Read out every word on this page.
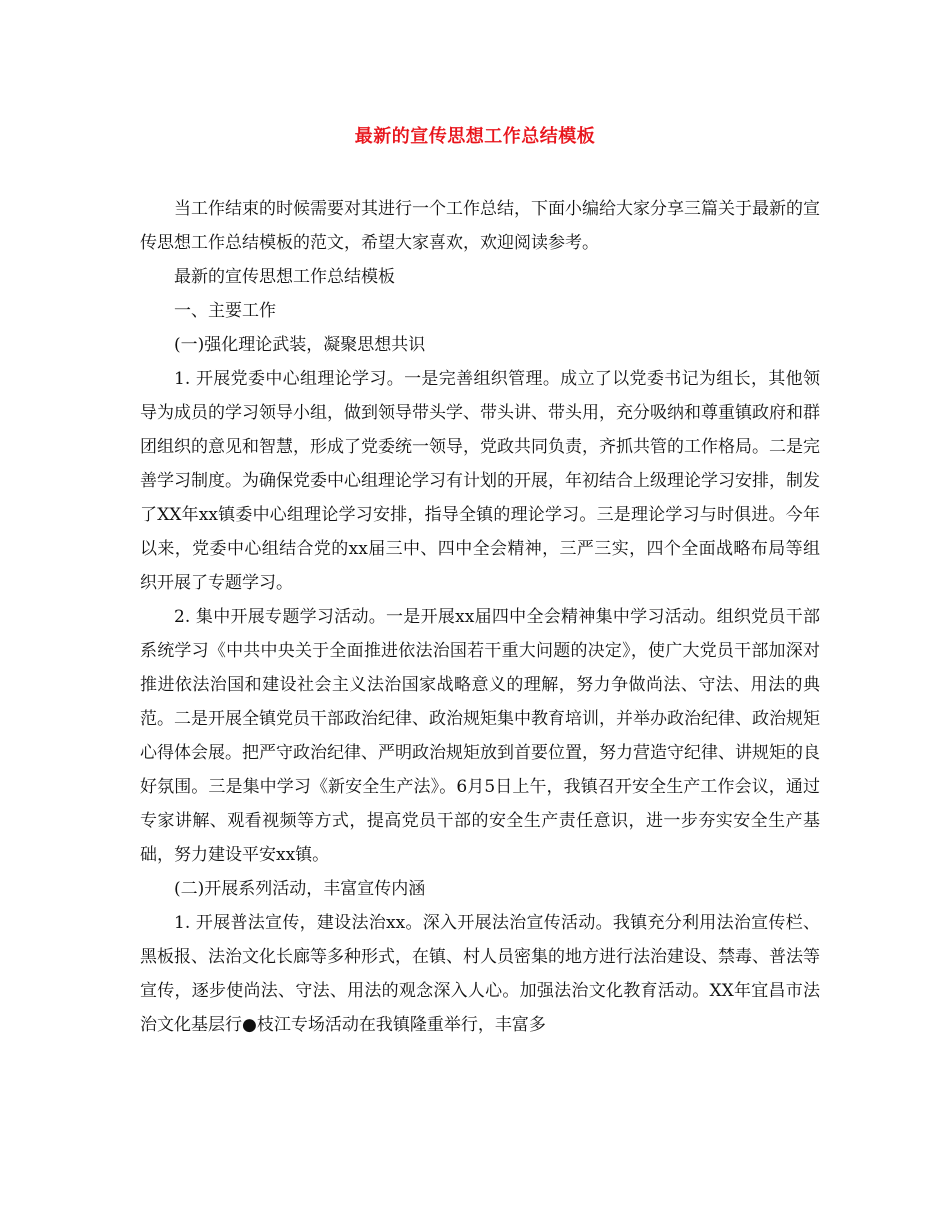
最新的宣传思想工作总结模板

当工作结束的时候需要对其进行一个工作总结，下面小编给大家分享三篇关于最新的宣传思想工作总结模板的范文，希望大家喜欢，欢迎阅读参考。

最新的宣传思想工作总结模板

一、主要工作

(一)强化理论武装，凝聚思想共识

1. 开展党委中心组理论学习。一是完善组织管理。成立了以党委书记为组长，其他领导为成员的学习领导小组，做到领导带头学、带头讲、带头用，充分吸纳和尊重镇政府和群团组织的意见和智慧，形成了党委统一领导，党政共同负责，齐抓共管的工作格局。二是完善学习制度。为确保党委中心组理论学习有计划的开展，年初结合上级理论学习安排，制发了XX年xx镇委中心组理论学习安排，指导全镇的理论学习。三是理论学习与时俱进。今年以来，党委中心组结合党的xx届三中、四中全会精神，三严三实，四个全面战略布局等组织开展了专题学习。

2. 集中开展专题学习活动。一是开展xx届四中全会精神集中学习活动。组织党员干部系统学习《中共中央关于全面推进依法治国若干重大问题的决定》，使广大党员干部加深对推进依法治国和建设社会主义法治国家战略意义的理解，努力争做尚法、守法、用法的典范。二是开展全镇党员干部政治纪律、政治规矩集中教育培训，并举办政治纪律、政治规矩心得体会展。把严守政治纪律、严明政治规矩放到首要位置，努力营造守纪律、讲规矩的良好氛围。三是集中学习《新安全生产法》。6月5日上午，我镇召开安全生产工作会议，通过专家讲解、观看视频等方式，提高党员干部的安全生产责任意识，进一步夯实安全生产基础，努力建设平安xx镇。

(二)开展系列活动，丰富宣传内涵

1. 开展普法宣传，建设法治xx。深入开展法治宣传活动。我镇充分利用法治宣传栏、黑板报、法治文化长廊等多种形式，在镇、村人员密集的地方进行法治建设、禁毒、普法等宣传，逐步使尚法、守法、用法的观念深入人心。加强法治文化教育活动。XX年宜昌市法治文化基层行●枝江专场活动在我镇隆重举行，丰富多
